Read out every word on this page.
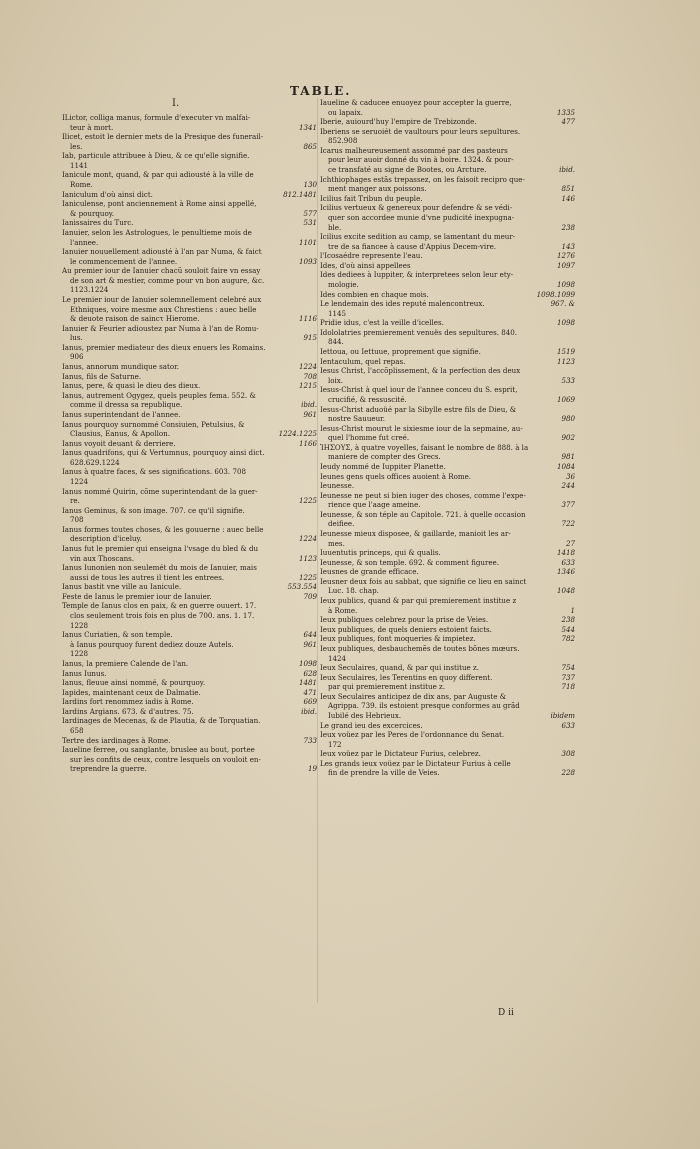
TABLE.
I.
ILictor, colliga manus, formule d'executer vn malfai-
teur à mort.	1341
Ilicet, estoit le dernier mets de la Presique des funerail-
les.	865
Iab, particule attribuee à Dieu, & ce qu'elle signifie.
1141
Ianicule mont, quand, & par qui adiousté à la ville de
Rome.	130
Ianiculum d'où ainsi dict.	812.1481
Ianiculense, pont anciennement à Rome ainsi appellé,
& pourquoy.	577
Ianissaires du Turc.	531
Ianuier, selon les Astrologues, le penultieme mois de
l'annee.	1101
Ianuier nouuellement adiousté à l'an par Numa, & faict
le commencement de l'annee.	1093
Au premier iour de Ianuier chacũ souloit faire vn essay
de son art & mestier, comme pour vn bon augure, &c.
1123.1224
Le premier iour de Ianuier solemnellement celebré aux
Ethniques, voire mesme aux Chrestiens : auec belle
& deuote raison de saincτ Hierome.	1116
Ianuier & Feurier adioustez par Numa à l'an de Romu-
lus.	915
Ianus, premier mediateur des dieux enuers les Romains.
906
Ianus, annorum mundique sator.	1224
Ianus, fils de Saturne.	708
Ianus, pere, & quasi le dieu des dieux.	1215
Ianus, autrement Ogygez, quels peuples fema. 552. &
comme il dressa sa republique.	ibid.
Ianus superintendant de l'annee.	961
Ianus pourquoy surnommé Consiuien, Petulsius, &
Clausius, Eanus, & Apollon.	1224.1225
Ianus voyoit deuant & derriere.	1166
Ianus quadrifons, qui & Vertumnus, pourquoy ainsi dict.
628.629.1224
Ianus à quatre faces, & ses significations. 603. 708
1224
Ianus nommé Quirin, cõme superintendant de la guer-
re.	1225
Ianus Geminus, & son image. 707. ce qu'il signifie.
708
Ianus formes toutes choses, & les gouuerne : auec belle
description d'iceluy.	1224
Ianus fut le premier qui enseigna l'vsage du bled & du
vin aux Thoscans.	1123
Ianus Iunonien non seulemét du mois de Ianuier, mais
aussi de tous les autres il tient les entrees.	1225
Ianus bastit vne ville au Ianicule.	553.554
Feste de Ianus le premier iour de Ianuier.	709
Temple de Ianus clos en paix, & en guerre ouuert. 17.
clos seulement trois fois en plus de 700. ans. 1. 17.
1228
Ianus Curiatien, & son temple.	644
à Ianus pourquoy furent dediez douze Autels.	961
1228
Ianus, la premiere Calende de l'an.	1098
Ianus Iunus.	628
Ianus, fleuue ainsi nommé, & pourquoy.	1481
Iapides, maintenant ceux de Dalmatie.	471
Iardins fort renommez iadis à Rome.	669
Iardins Argians. 673. & d'autres. 75.	ibid.
Iardinages de Mecenas, & de Plautia, & de Torquatian.
658
Tertre des iardinages à Rome.	733
Iaueline ferree, ou sanglante, bruslee au bout, portee
sur les confits de ceux, contre lesquels on vouloit en-
treprendre la guerre.	19
Iaueline & caducee enuoyez pour accepter la guerre,
ou lapaix.	1335
Iberie, auiourd'huy l'empire de Trebizonde.	477
Iberiens se seruoiét de vaultours pour leurs sepultures.
852.908
Icarus malheureusement assommé par des pasteurs
pour leur auoir donné du vin à boire. 1324. & pour-
ce transfaté au signe de Bootes, ou Arcture.	ibid.
Ichthiophages estãs trepassez, on les faisoit recipro que-
ment manger aux poissons.	851
Icilius fait Tribun du peuple.	146
Icilius vertueux & genereux pour defendre & se védi-
quer son accordee munie d'vne pudicité inexpugna-
ble.	238
Icilius excite sedition au camp, se lamentant du meur-
tre de sa fiancee à cause d'Appius Decem-vire.	143
l'Icosaédre represente l'eau.	1276
Ides, d'où ainsi appellees	1097
Ides dediees à Iuppiter, & interpretees selon leur ety-
mologie.	1098
Ides combien en chaque mois.	1098.1099
Le lendemain des ides reputé malencontreux.	967. &
1145
Pridie idus, c'est la veille d'icelles.	1098
Idololatries premierement venuës des sepultures. 840.
844.
Iettoua, ou Iettuue, proprement que signifie.	1519
Ientaculum, quel repas.	1123
Iesus Christ, l'accõplissement, & la perfection des deux
loix.	533
Iesus-Christ à quel iour de l'annee conceu du S. esprit,
crucifié, & ressuscité.	1069
Iesus-Christ aduoüé par la Sibylle estre fils de Dieu, &
nostre Sauueur.	980
Iesus-Christ mourut le sixiesme iour de la sepmaine, au-
quel l'homme fut creé.	902
ἸΗΣΟΥΣ, à quatre voyelles, faisant le nombre de 888. à la
maniere de compter des Grecs.	981
Ieudy nommé de Iuppiter Planette.	1084
Ieunes gens quels offices auoient à Rome.	36
Ieunesse.	244
Ieunesse ne peut si bien iuger des choses, comme l'expe-
rience que l'aage ameine.	377
Ieunesse, & son téple au Capitole. 721. à quelle occasion
deifiee.	722
Ieunesse mieux disposee, & gaillarde, manioit les ar-
mes.	27
Iuuentutis princeps, qui & qualis.	1418
Ieunesse, & son temple. 692. & comment figuree.	633
Ieusnes de grande efficace.	1346
Ieusner deux fois au sabbat, que signifie ce lieu en sainct
Luc. 18. chap.	1048
Ieux publics, quand & par qui premierement institue z
à Rome.	1
Ieux publiques celebrez pour la prise de Veies.	238
Ieux publiques, de quels deniers estoient faicts.	544
Ieux publiques, font moqueries & impietez.	782
Ieux publiques, desbauchemẽs de toutes bõnes mœurs.
1424
Ieux Seculaires, quand, & par qui institue z.	754
Ieux Seculaires, les Terentins en quoy different.	737
par qui premierement institue z.	718
Ieux Seculaires anticipez de dix ans, par Auguste &
Agrippa. 739. ils estoient presque conformes au grãd
Iubilé des Hebrieux.	ibidem
Le grand ieu des excercices.	633
Ieux voüez par les Peres de l'ordonnance du Senat.
172
Ieux voüez par le Dictateur Furius, celebrez.	308
Les grands ieux voüez par le Dictateur Furius à celle
fin de prendre la ville de Veies.	228
D ii
